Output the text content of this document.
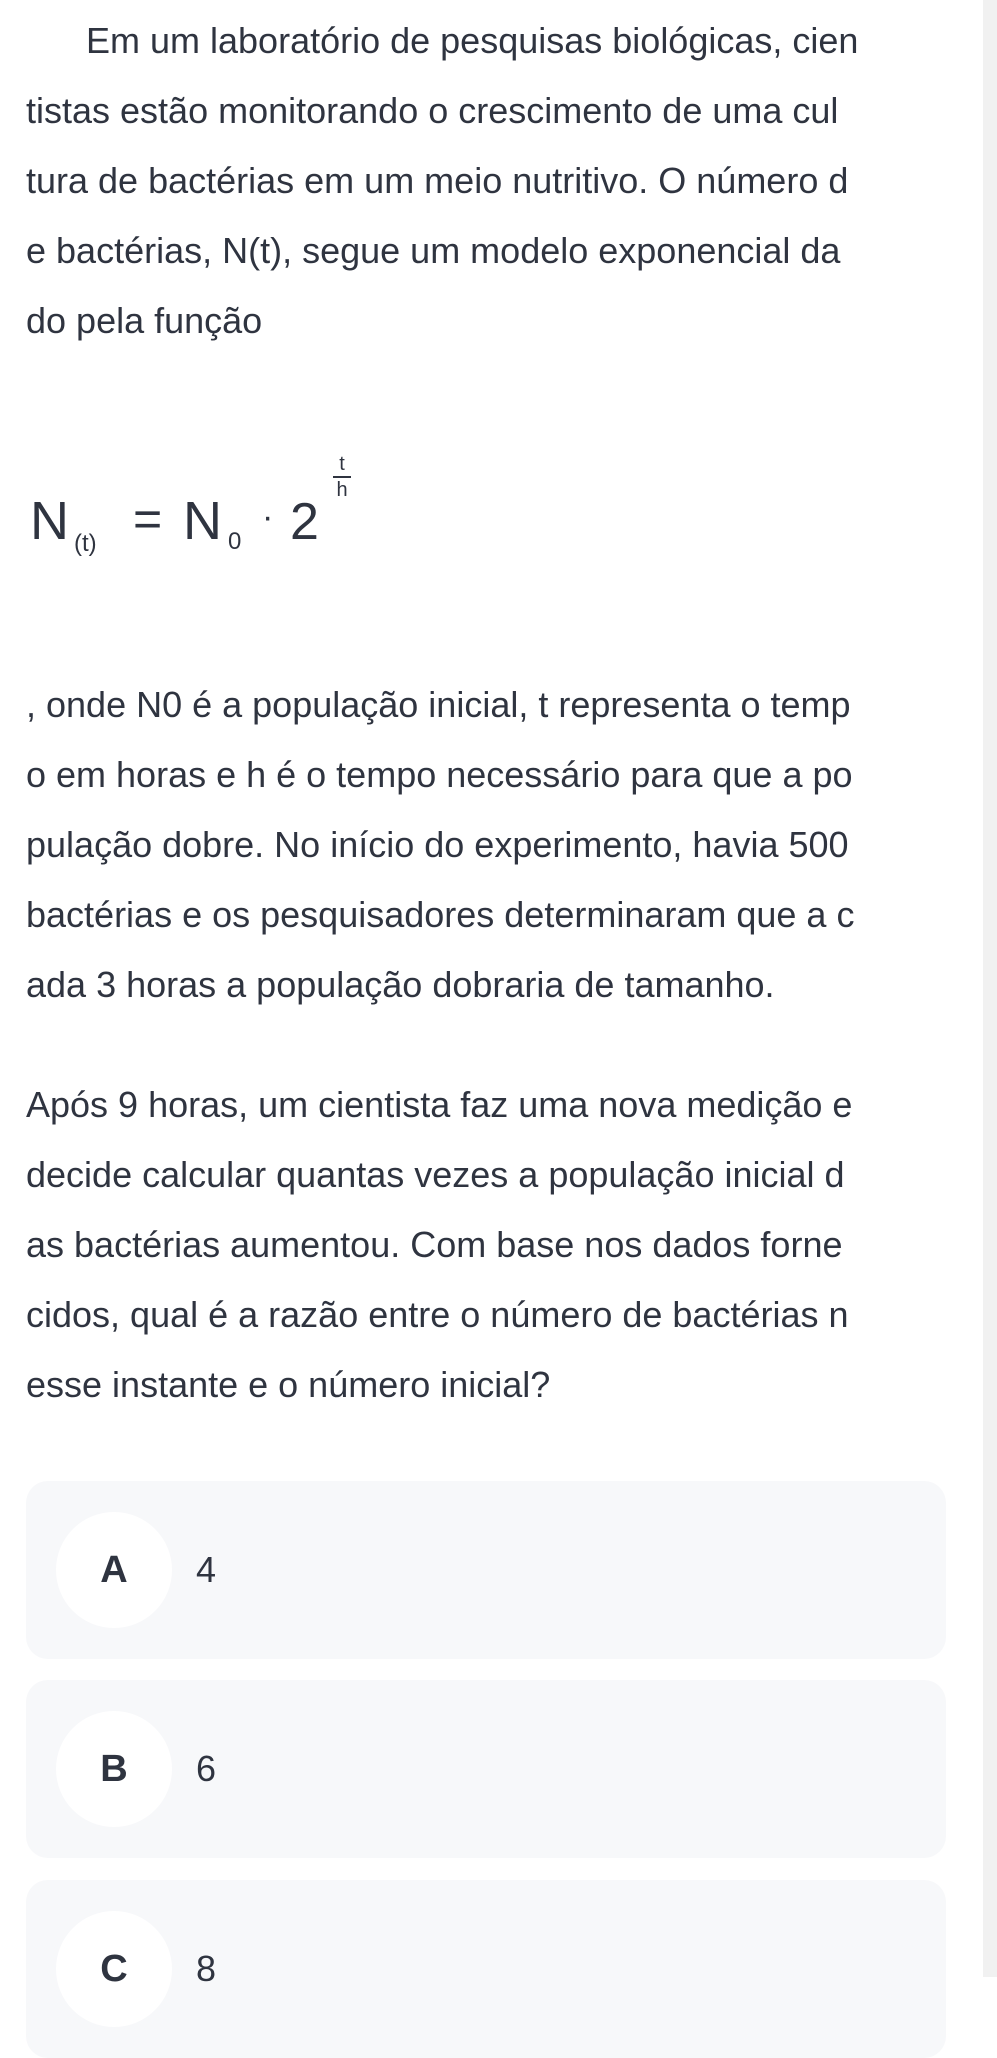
Em um laboratório de pesquisas biológicas, cien
tistas estão monitorando o crescimento de uma cul
tura de bactérias em um meio nutritivo. O número d
e bactérias, N(t), segue um modelo exponencial da
do pela função

N (t) = N 0
· 2
t
h

, onde N0 é a população inicial, t representa o temp
o em horas e h é o tempo necessário para que a po
pulação dobre. No início do experimento, havia 500
bactérias e os pesquisadores determinaram que a c
ada 3 horas a população dobraria de tamanho.

Após 9 horas, um cientista faz uma nova medição e
decide calcular quantas vezes a população inicial d
as bactérias aumentou. Com base nos dados forne
cidos, qual é a razão entre o número de bactérias n
esse instante e o número inicial?

A	4
B	6
C	8
